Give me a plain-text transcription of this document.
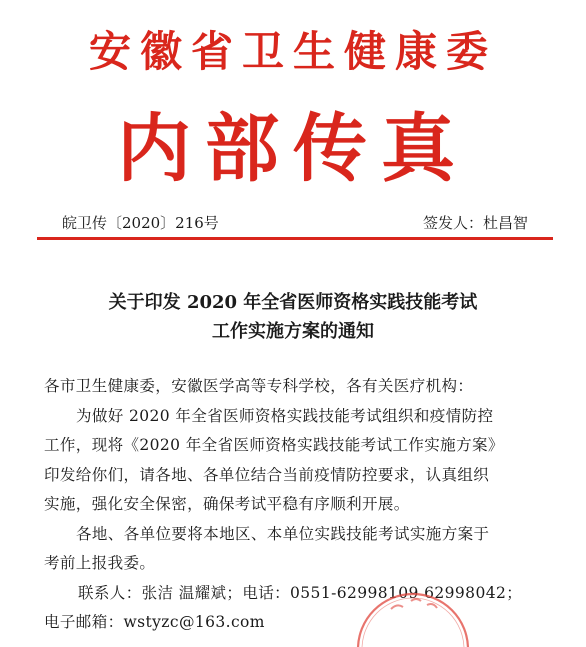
安徽省卫生健康委
内部传真
皖卫传〔2020〕216号	签发人：杜昌智
关于印发 2020 年全省医师资格实践技能考试
工作实施方案的通知
各市卫生健康委，安徽医学高等专科学校，各有关医疗机构：
为做好 2020 年全省医师资格实践技能考试组织和疫情防控
工作，现将《2020 年全省医师资格实践技能考试工作实施方案》
印发给你们，请各地、各单位结合当前疫情防控要求，认真组织
实施，强化安全保密，确保考试平稳有序顺利开展。
各地、各单位要将本地区、本单位实践技能考试实施方案于
考前上报我委。
联系人：张洁 温耀斌；电话：0551-62998109 62998042；
电子邮箱：wstyzc@163.com
